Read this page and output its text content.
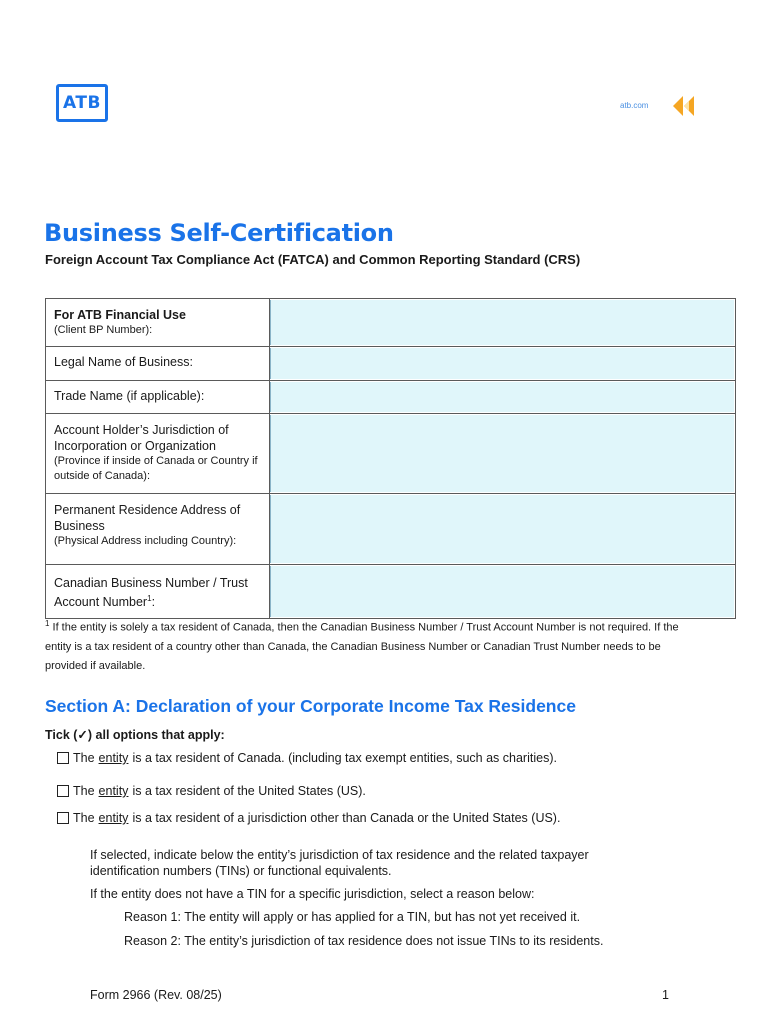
ATB	atb.com
Business Self-Certification
Foreign Account Tax Compliance Act (FATCA) and Common Reporting Standard (CRS)
For ATB Financial Use
(Client BP Number):
Legal Name of Business:
Trade Name (if applicable):
Account Holder’s Jurisdiction of Incorporation or Organization
(Province if inside of Canada or Country if outside of Canada):
Permanent Residence Address of Business
(Physical Address including Country):
Canadian Business Number / Trust Account Number$^1$:
$^1$ If the entity is solely a tax resident of Canada, then the Canadian Business Number / Trust Account Number is not required. If the entity is a tax resident of a country other than Canada, the Canadian Business Number or Canadian Trust Number needs to be provided if available.
Section A: Declaration of your Corporate Income Tax Residence
Tick (✓) all options that apply:
The entity is a tax resident of Canada. (including tax exempt entities, such as charities).
The entity is a tax resident of the United States (US).
The entity is a tax resident of a jurisdiction other than Canada or the United States (US).
If selected, indicate below the entity’s jurisdiction of tax residence and the related taxpayer identification numbers (TINs) or functional equivalents.
If the entity does not have a TIN for a specific jurisdiction, select a reason below:
Reason 1: The entity will apply or has applied for a TIN, but has not yet received it.
Reason 2: The entity’s jurisdiction of tax residence does not issue TINs to its residents.
Form 2966 (Rev. 08/25)	1
